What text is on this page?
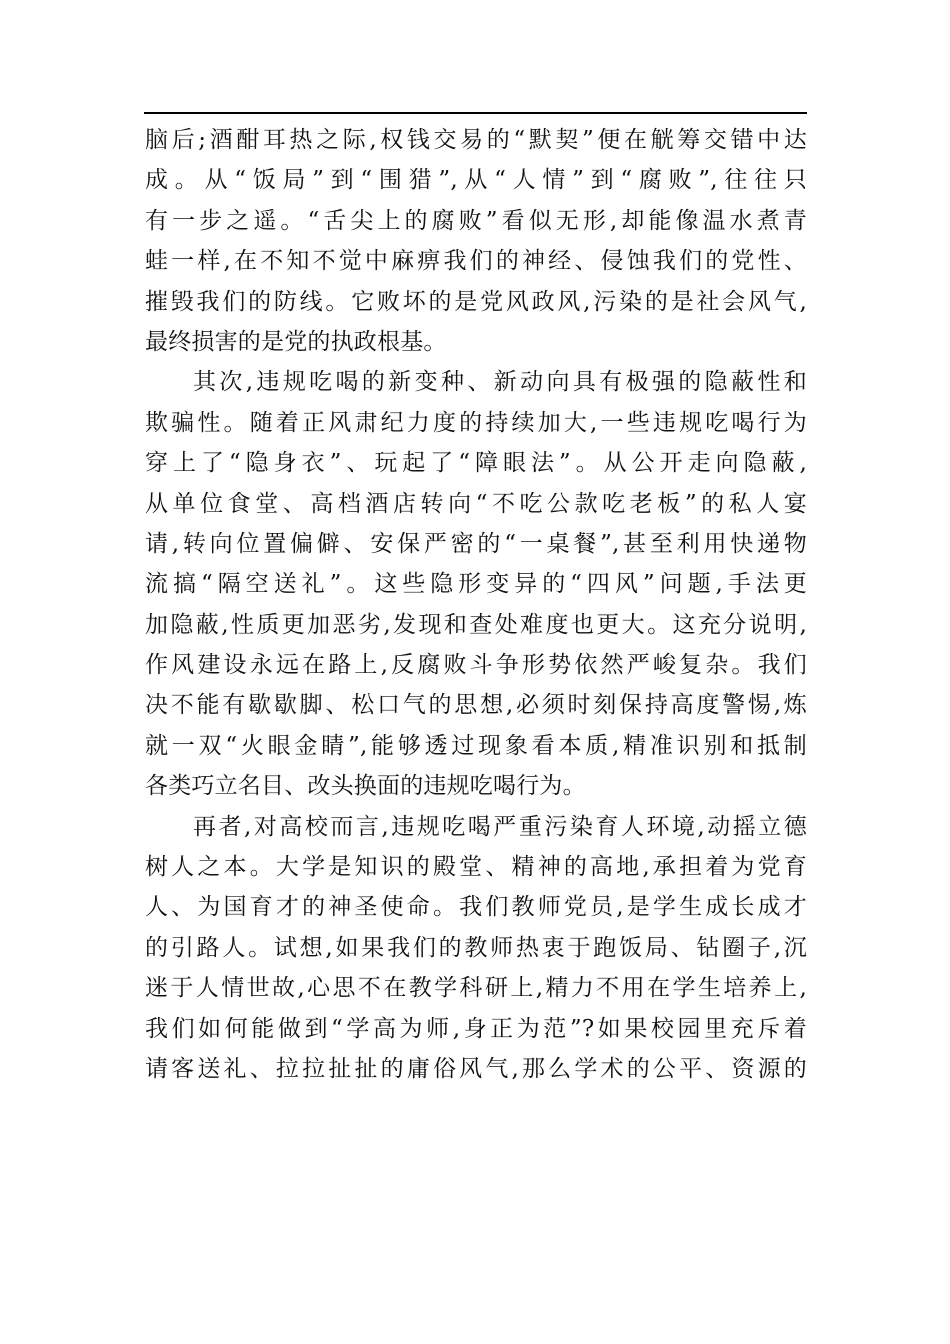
脑后;酒酣耳热之际,权钱交易的“默契”便在觥筹交错中达
成。从“饭局”到“围猎”,从“人情”到“腐败”,往往只
有一步之遥。“舌尖上的腐败”看似无形,却能像温水煮青
蛙一样,在不知不觉中麻痹我们的神经、侵蚀我们的党性、
摧毁我们的防线。它败坏的是党风政风,污染的是社会风气,
最终损害的是党的执政根基。
其次,违规吃喝的新变种、新动向具有极强的隐蔽性和
欺骗性。随着正风肃纪力度的持续加大,一些违规吃喝行为
穿上了“隐身衣”、玩起了“障眼法”。从公开走向隐蔽,
从单位食堂、高档酒店转向“不吃公款吃老板”的私人宴
请,转向位置偏僻、安保严密的“一桌餐”,甚至利用快递物
流搞“隔空送礼”。这些隐形变异的“四风”问题,手法更
加隐蔽,性质更加恶劣,发现和查处难度也更大。这充分说明,
作风建设永远在路上,反腐败斗争形势依然严峻复杂。我们
决不能有歇歇脚、松口气的思想,必须时刻保持高度警惕,炼
就一双“火眼金睛”,能够透过现象看本质,精准识别和抵制
各类巧立名目、改头换面的违规吃喝行为。
再者,对高校而言,违规吃喝严重污染育人环境,动摇立德
树人之本。大学是知识的殿堂、精神的高地,承担着为党育
人、为国育才的神圣使命。我们教师党员,是学生成长成才
的引路人。试想,如果我们的教师热衷于跑饭局、钻圈子,沉
迷于人情世故,心思不在教学科研上,精力不用在学生培养上,
我们如何能做到“学高为师,身正为范”?如果校园里充斥着
请客送礼、拉拉扯扯的庸俗风气,那么学术的公平、资源的
